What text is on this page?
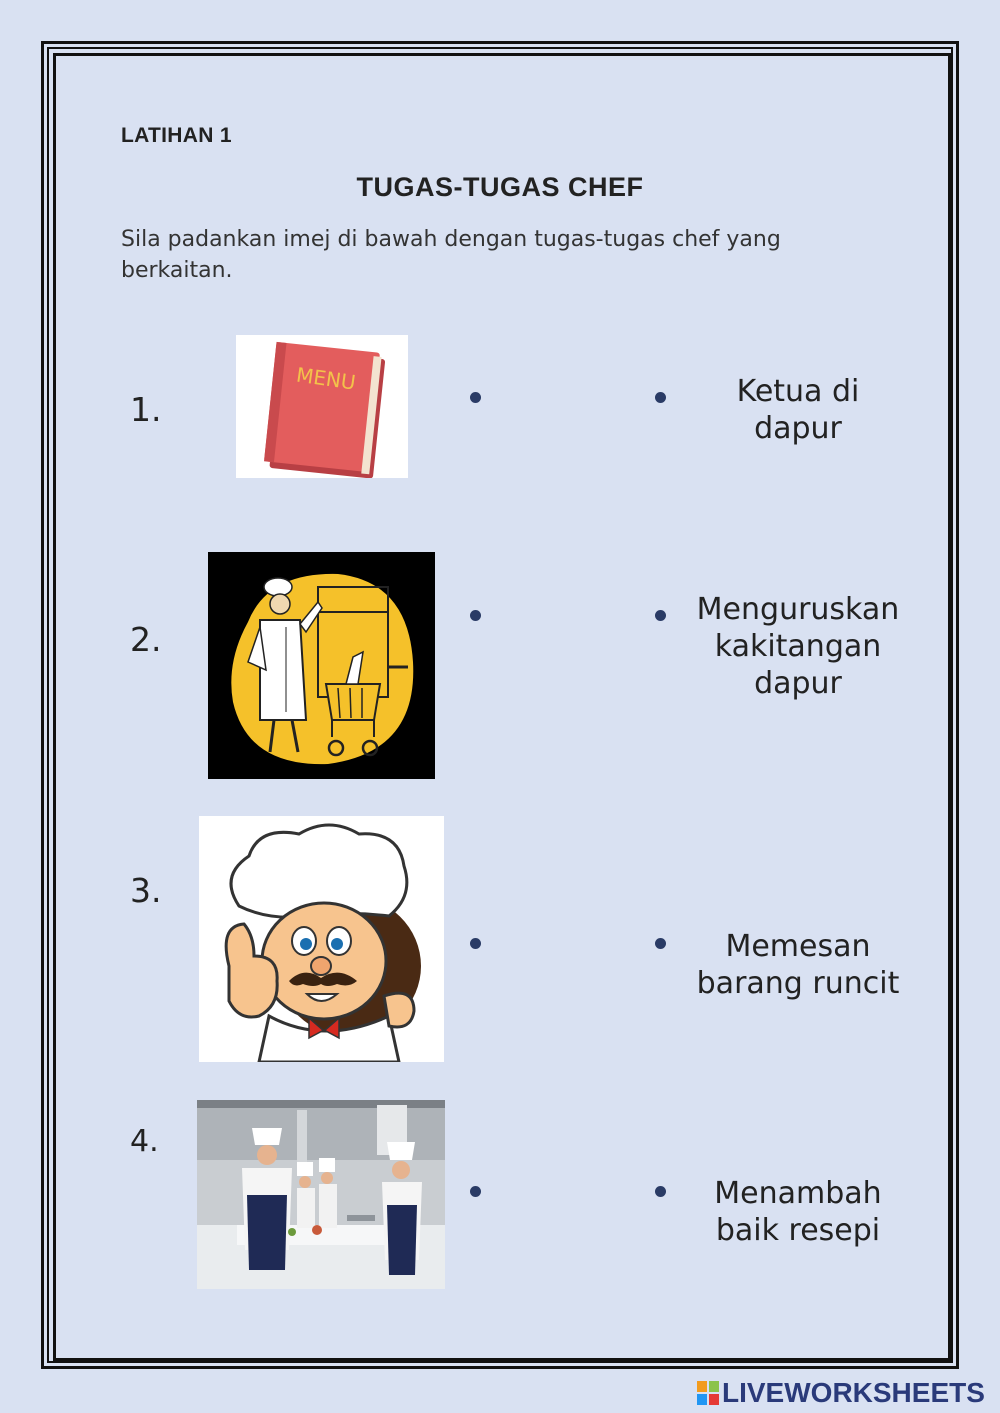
LATIHAN 1
TUGAS-TUGAS CHEF
Sila padankan imej di bawah dengan tugas-tugas chef yang berkaitan.
1.
2.
3.
4.
MENU	Ketua di
dapur
Menguruskan
kakitangan
dapur
Memesan
barang runcit
Menambah
baik resepi
LIVEWORKSHEETS
